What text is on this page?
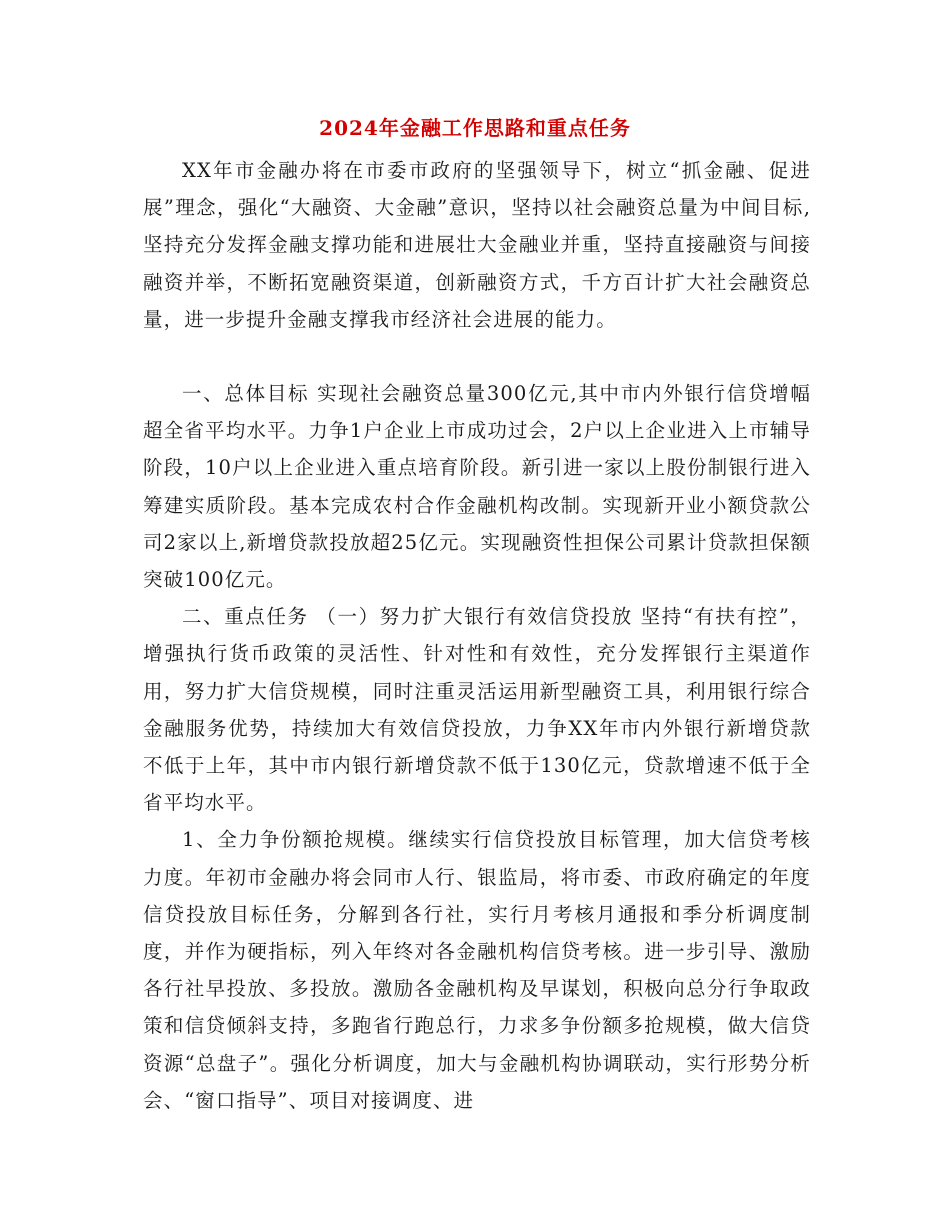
2024年金融工作思路和重点任务

XX年市金融办将在市委市政府的坚强领导下，树立“抓金融、促进展”理念，强化“大融资、大金融”意识，坚持以社会融资总量为中间目标,坚持充分发挥金融支撑功能和进展壮大金融业并重，坚持直接融资与间接融资并举，不断拓宽融资渠道，创新融资方式，千方百计扩大社会融资总量，进一步提升金融支撑我市经济社会进展的能力。

一、总体目标 实现社会融资总量300亿元,其中市内外银行信贷增幅超全省平均水平。力争1户企业上市成功过会，2户以上企业进入上市辅导阶段，10户以上企业进入重点培育阶段。新引进一家以上股份制银行进入筹建实质阶段。基本完成农村合作金融机构改制。实现新开业小额贷款公司2家以上,新增贷款投放超25亿元。实现融资性担保公司累计贷款担保额突破100亿元。

二、重点任务 （一）努力扩大银行有效信贷投放 坚持“有扶有控”，增强执行货币政策的灵活性、针对性和有效性，充分发挥银行主渠道作用，努力扩大信贷规模，同时注重灵活运用新型融资工具，利用银行综合金融服务优势，持续加大有效信贷投放，力争XX年市内外银行新增贷款不低于上年，其中市内银行新增贷款不低于130亿元，贷款增速不低于全省平均水平。

1、全力争份额抢规模。继续实行信贷投放目标管理，加大信贷考核力度。年初市金融办将会同市人行、银监局，将市委、市政府确定的年度信贷投放目标任务，分解到各行社，实行月考核月通报和季分析调度制度，并作为硬指标，列入年终对各金融机构信贷考核。进一步引导、激励各行社早投放、多投放。激励各金融机构及早谋划，积极向总分行争取政策和信贷倾斜支持，多跑省行跑总行，力求多争份额多抢规模，做大信贷资源“总盘子”。强化分析调度，加大与金融机构协调联动，实行形势分析会、“窗口指导”、项目对接调度、进
